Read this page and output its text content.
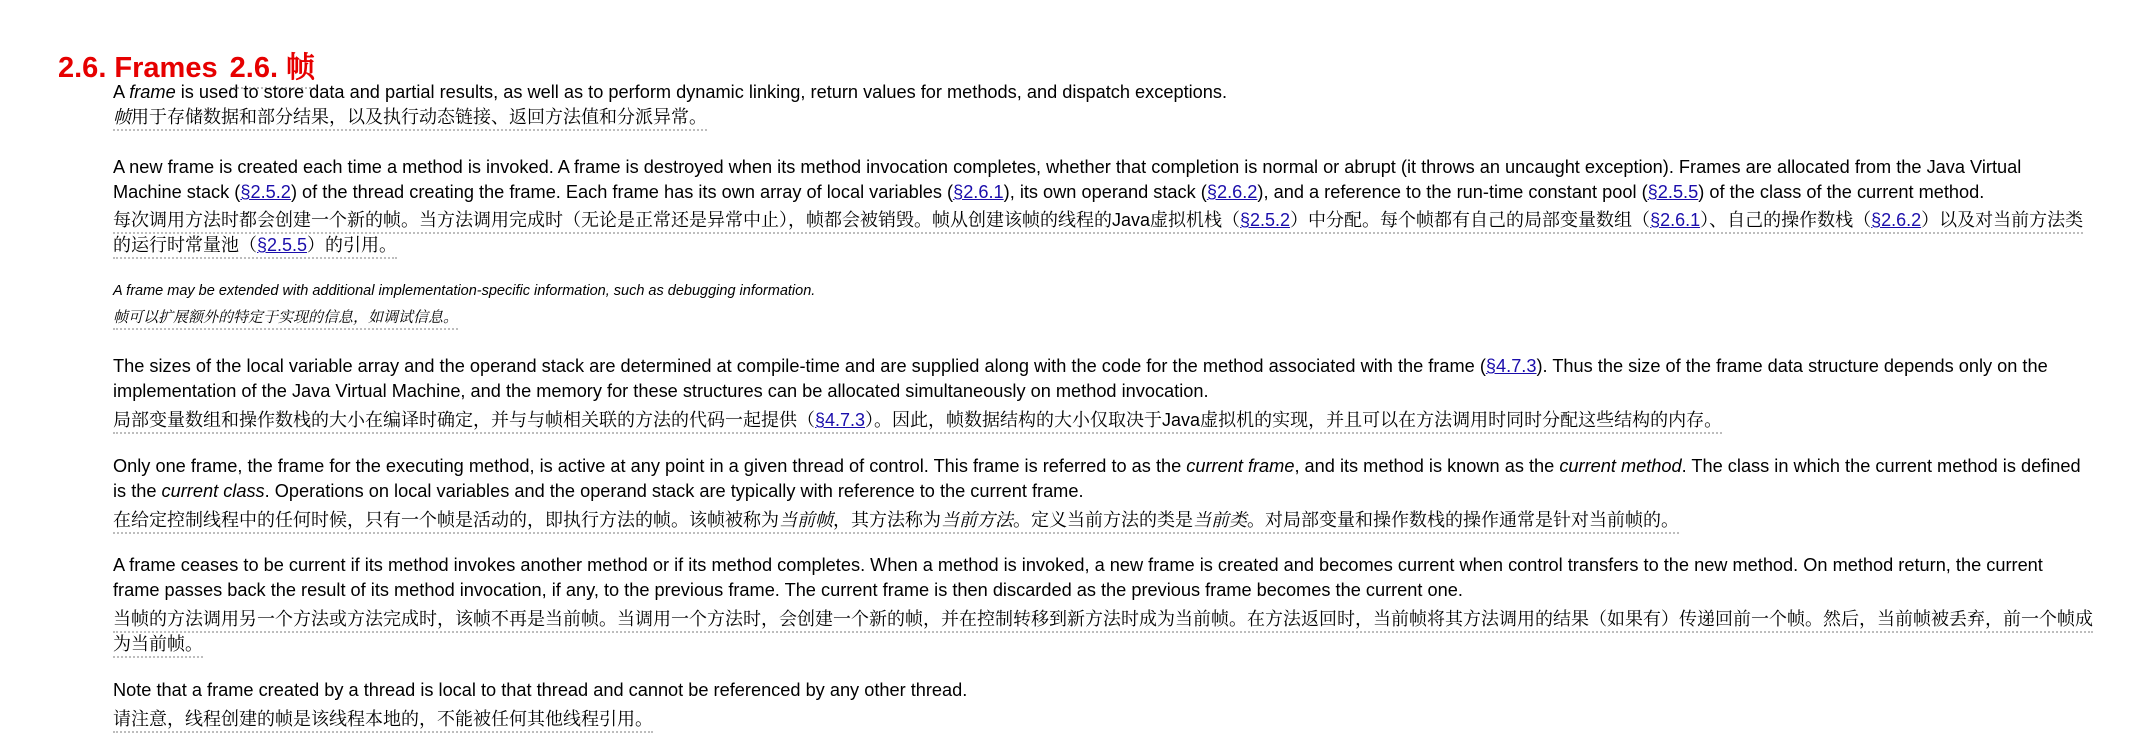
2.6. Frames 2.6. 帧

A frame is used to store data and partial results, as well as to perform dynamic linking, return values for methods, and dispatch exceptions.

帧用于存储数据和部分结果，以及执行动态链接、返回方法值和分派异常。

A new frame is created each time a method is invoked. A frame is destroyed when its method invocation completes, whether that completion is normal or abrupt (it throws an uncaught exception). Frames are allocated from the Java Virtual Machine stack (§2.5.2) of the thread creating the frame. Each frame has its own array of local variables (§2.6.1), its own operand stack (§2.6.2), and a reference to the run-time constant pool (§2.5.5) of the class of the current method.

每次调用方法时都会创建一个新的帧。当方法调用完成时（无论是正常还是异常中止），帧都会被销毁。帧从创建该帧的线程的Java虚拟机栈（§2.5.2）中分配。每个帧都有自己的局部变量数组（§2.6.1）、自己的操作数栈（§2.6.2）以及对当前方法类的运行时常量池（§2.5.5）的引用。

A frame may be extended with additional implementation-specific information, such as debugging information.

帧可以扩展额外的特定于实现的信息，如调试信息。

The sizes of the local variable array and the operand stack are determined at compile-time and are supplied along with the code for the method associated with the frame (§4.7.3). Thus the size of the frame data structure depends only on the implementation of the Java Virtual Machine, and the memory for these structures can be allocated simultaneously on method invocation.

局部变量数组和操作数栈的大小在编译时确定，并与与帧相关联的方法的代码一起提供（§4.7.3）。因此，帧数据结构的大小仅取决于Java虚拟机的实现，并且可以在方法调用时同时分配这些结构的内存。

Only one frame, the frame for the executing method, is active at any point in a given thread of control. This frame is referred to as the current frame, and its method is known as the current method. The class in which the current method is defined is the current class. Operations on local variables and the operand stack are typically with reference to the current frame.

在给定控制线程中的任何时候，只有一个帧是活动的，即执行方法的帧。该帧被称为当前帧，其方法称为当前方法。定义当前方法的类是当前类。对局部变量和操作数栈的操作通常是针对当前帧的。

A frame ceases to be current if its method invokes another method or if its method completes. When a method is invoked, a new frame is created and becomes current when control transfers to the new method. On method return, the current frame passes back the result of its method invocation, if any, to the previous frame. The current frame is then discarded as the previous frame becomes the current one.

当帧的方法调用另一个方法或方法完成时，该帧不再是当前帧。当调用一个方法时，会创建一个新的帧，并在控制转移到新方法时成为当前帧。在方法返回时，当前帧将其方法调用的结果（如果有）传递回前一个帧。然后，当前帧被丢弃，前一个帧成为当前帧。

Note that a frame created by a thread is local to that thread and cannot be referenced by any other thread.

请注意，线程创建的帧是该线程本地的，不能被任何其他线程引用。
